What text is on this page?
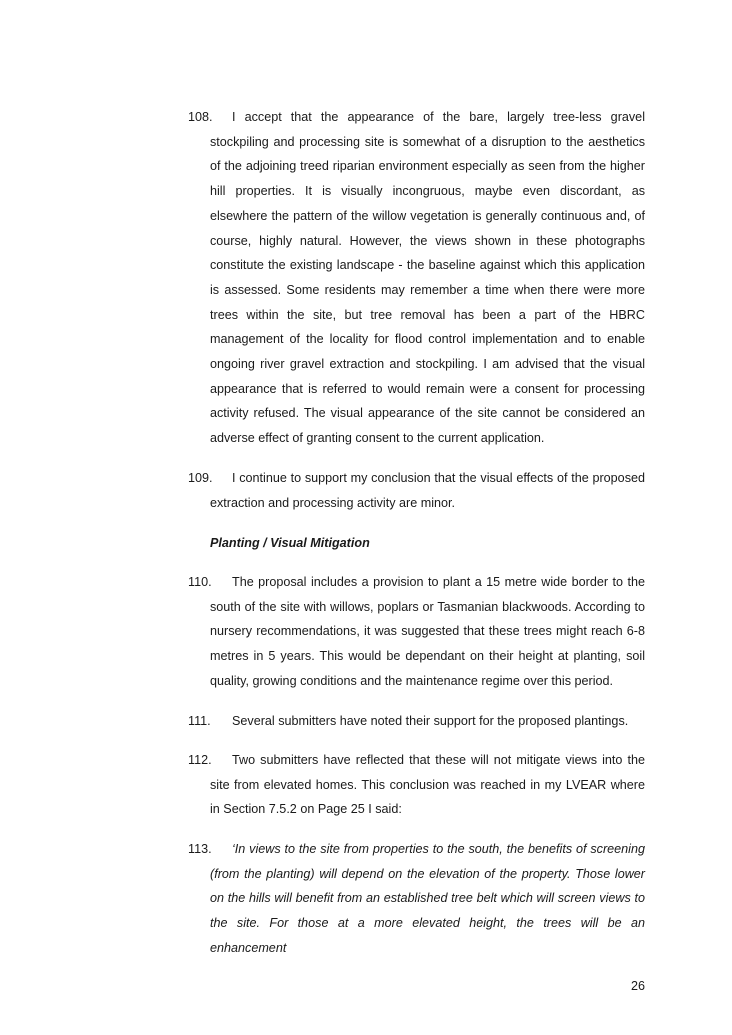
108.	I accept that the appearance of the bare, largely tree-less gravel stockpiling and processing site is somewhat of a disruption to the aesthetics of the adjoining treed riparian environment especially as seen from the higher hill properties. It is visually incongruous, maybe even discordant, as elsewhere the pattern of the willow vegetation is generally continuous and, of course, highly natural. However, the views shown in these photographs constitute the existing landscape - the baseline against which this application is assessed. Some residents may remember a time when there were more trees within the site, but tree removal has been a part of the HBRC management of the locality for flood control implementation and to enable ongoing river gravel extraction and stockpiling. I am advised that the visual appearance that is referred to would remain were a consent for processing activity refused. The visual appearance of the site cannot be considered an adverse effect of granting consent to the current application.
109.	I continue to support my conclusion that the visual effects of the proposed extraction and processing activity are minor.
Planting / Visual Mitigation
110.	The proposal includes a provision to plant a 15 metre wide border to the south of the site with willows, poplars or Tasmanian blackwoods. According to nursery recommendations, it was suggested that these trees might reach 6-8 metres in 5 years. This would be dependant on their height at planting, soil quality, growing conditions and the maintenance regime over this period.
111.	Several submitters have noted their support for the proposed plantings.
112.	Two submitters have reflected that these will not mitigate views into the site from elevated homes. This conclusion was reached in my LVEAR where in Section 7.5.2 on Page 25 I said:
113.	‘In views to the site from properties to the south, the benefits of screening (from the planting) will depend on the elevation of the property. Those lower on the hills will benefit from an established tree belt which will screen views to the site. For those at a more elevated height, the trees will be an enhancement
26
